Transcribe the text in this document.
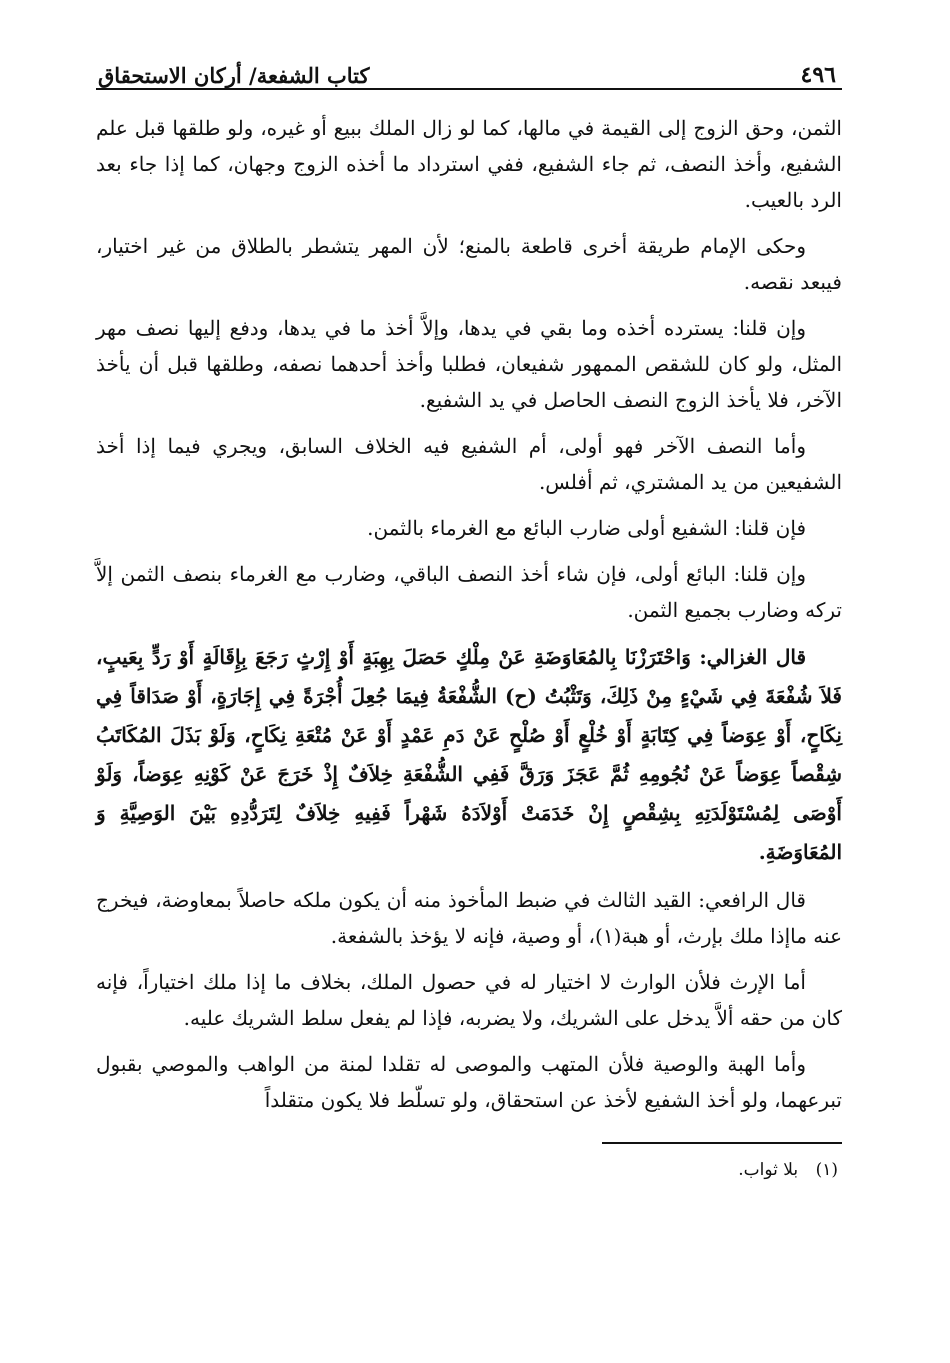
٤٩٦
كتاب الشفعة/ أركان الاستحقاق

الثمن، وحق الزوج إلى القيمة في مالها، كما لو زال الملك ببيع أو غيره، ولو طلقها قبل علم الشفيع، وأخذ النصف، ثم جاء الشفيع، ففي استرداد ما أخذه الزوج وجهان، كما إذا جاء بعد الرد بالعيب.

وحكى الإمام طريقة أخرى قاطعة بالمنع؛ لأن المهر يتشطر بالطلاق من غير اختيار، فيبعد نقصه.

وإن قلنا: يسترده أخذه وما بقي في يدها، وإلاَّ أخذ ما في يدها، ودفع إليها نصف مهر المثل، ولو كان للشقص الممهور شفيعان، فطلبا وأخذ أحدهما نصفه، وطلقها قبل أن يأخذ الآخر، فلا يأخذ الزوج النصف الحاصل في يد الشفيع.

وأما النصف الآخر فهو أولى، أم الشفيع فيه الخلاف السابق، ويجري فيما إذا أخذ الشفيعين من يد المشتري، ثم أفلس.

فإن قلنا: الشفيع أولى ضارب البائع مع الغرماء بالثمن.

وإن قلنا: البائع أولى، فإن شاء أخذ النصف الباقي، وضارب مع الغرماء بنصف الثمن إلاَّ تركه وضارب بجميع الثمن.

قال الغزالي: وَاحْتَرَزْنَا بِالمُعَاوَضَةِ عَنْ مِلْكٍ حَصَلَ بِهِبَةٍ أَوْ إِرْثٍ رَجَعَ بِإِقَالَةٍ أَوْ رَدٍّ بِعَيبٍ، فَلاَ شُفْعَةَ فِي شَيْءٍ مِنْ ذَلِكَ، وَتَثْبُتُ (ح) الشُّفْعَةُ فِيمَا جُعِلَ أُجْرَةً فِي إِجَارَةٍ، أَوْ صَدَاقاً فِي نِكَاحٍ، أَوْ عِوَضاً فِي كِتَابَةٍ أَوْ خُلْعٍ أَوْ صُلْحٍ عَنْ دَمِ عَمْدٍ أَوْ عَنْ مُتْعَةِ نِكَاحٍ، وَلَوْ بَذَلَ المُكَاتَبُ شِقْصاً عِوَضاً عَنْ نُجُومِهِ ثُمَّ عَجَزَ وَرَقَّ فَفِي الشُّفْعَةِ خِلاَفٌ إِذْ خَرَجَ عَنْ كَوْنِهِ عِوَضاً، وَلَوْ أَوْصَى لِمُسْتَوْلَدَتِهِ بِشِقْصٍ إِنْ خَدَمَتْ أَوْلاَدَهُ شَهْراً فَفِيهِ خِلاَفٌ لِتَرَدُّدِهِ بَيْنَ الوَصِيَّةِ وَ المُعَاوَضَةِ.

قال الرافعي: القيد الثالث في ضبط المأخوذ منه أن يكون ملكه حاصلاً بمعاوضة، فيخرج عنه ماإذا ملك بإرث، أو هبة(١)، أو وصية، فإنه لا يؤخذ بالشفعة.

أما الإرث فلأن الوارث لا اختيار له في حصول الملك، بخلاف ما إذا ملك اختياراً، فإنه كان من حقه ألاَّ يدخل على الشريك، ولا يضربه، فإذا لم يفعل سلط الشريك عليه.

وأما الهبة والوصية فلأن المتهب والموصى له تقلدا لمنة من الواهب والموصي بقبول تبرعهما، ولو أخذ الشفيع لأخذ عن استحقاق، ولو تسلّط فلا يكون متقلداً

(١) بلا ثواب.
